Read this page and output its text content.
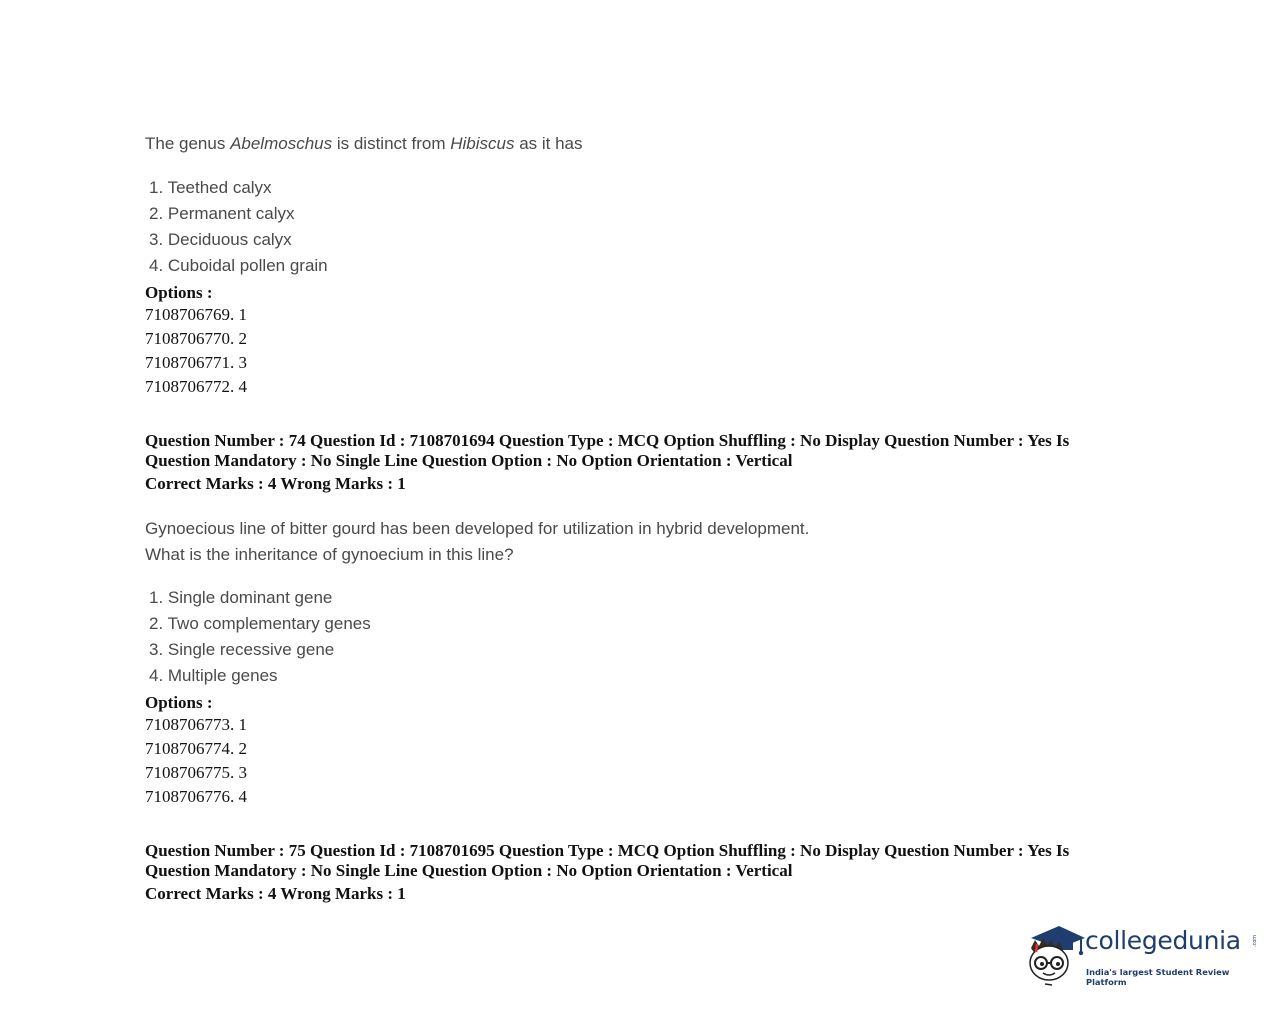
The genus Abelmoschus is distinct from Hibiscus as it has

1. Teethed calyx
2. Permanent calyx
3. Deciduous calyx
4. Cuboidal pollen grain
Options :
7108706769. 1
7108706770. 2
7108706771. 3
7108706772. 4
Question Number : 74 Question Id : 7108701694 Question Type : MCQ Option Shuffling : No Display Question Number : Yes Is Question Mandatory : No Single Line Question Option : No Option Orientation : Vertical
Correct Marks : 4 Wrong Marks : 1

Gynoecious line of bitter gourd has been developed for utilization in hybrid development.
What is the inheritance of gynoecium in this line?

1. Single dominant gene
2. Two complementary genes
3. Single recessive gene
4. Multiple genes
Options :
7108706773. 1
7108706774. 2
7108706775. 3
7108706776. 4
Question Number : 75 Question Id : 7108701695 Question Type : MCQ Option Shuffling : No Display Question Number : Yes Is Question Mandatory : No Single Line Question Option : No Option Orientation : Vertical
Correct Marks : 4 Wrong Marks : 1
collegedunia .com
India's largest Student Review Platform
